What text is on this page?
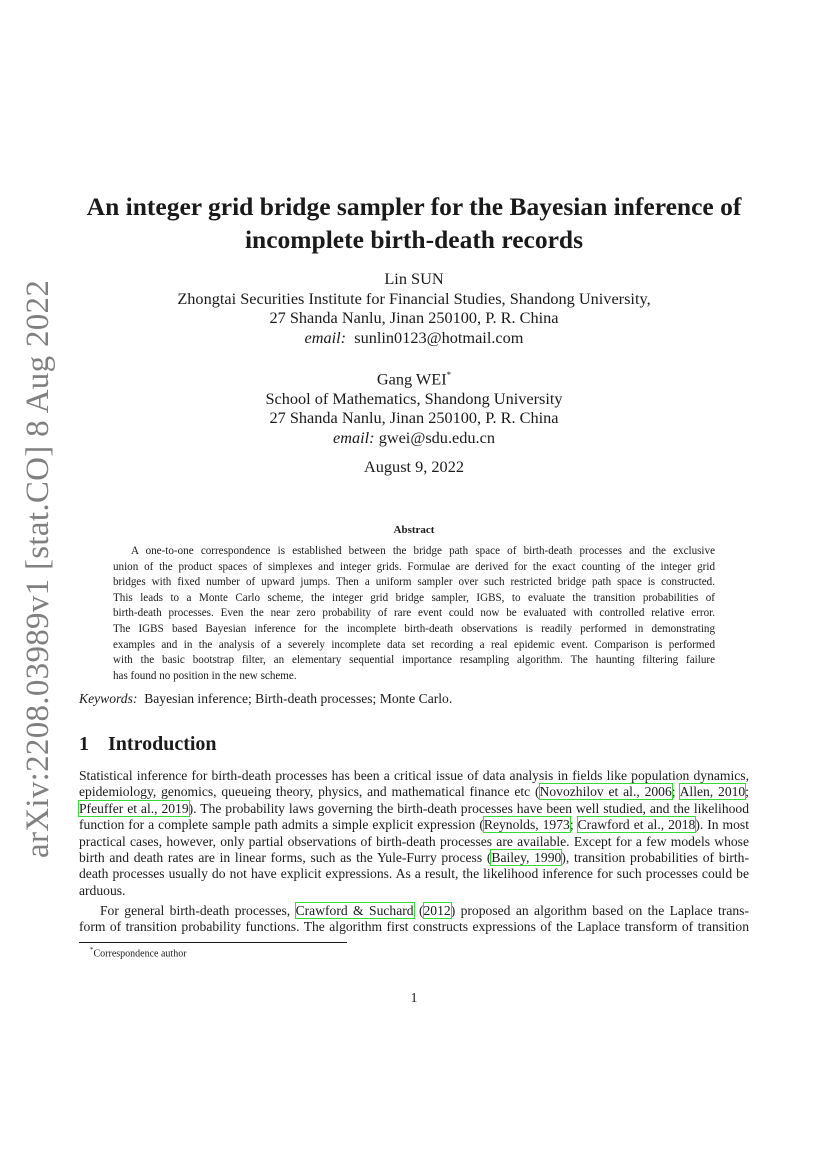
arXiv:2208.03989v1 [stat.CO] 8 Aug 2022
An integer grid bridge sampler for the Bayesian inference of
incomplete birth-death records
Lin SUN
Zhongtai Securities Institute for Financial Studies, Shandong University,
27 Shanda Nanlu, Jinan 250100, P. R. China
email: sunlin0123@hotmail.com
Gang WEI*
School of Mathematics, Shandong University
27 Shanda Nanlu, Jinan 250100, P. R. China
email: gwei@sdu.edu.cn
August 9, 2022
Abstract
A one-to-one correspondence is established between the bridge path space of birth-death processes and the exclusive
union of the product spaces of simplexes and integer grids. Formulae are derived for the exact counting of the integer grid
bridges with fixed number of upward jumps. Then a uniform sampler over such restricted bridge path space is constructed.
This leads to a Monte Carlo scheme, the integer grid bridge sampler, IGBS, to evaluate the transition probabilities of
birth-death processes. Even the near zero probability of rare event could now be evaluated with controlled relative error.
The IGBS based Bayesian inference for the incomplete birth-death observations is readily performed in demonstrating
examples and in the analysis of a severely incomplete data set recording a real epidemic event. Comparison is performed
with the basic bootstrap filter, an elementary sequential importance resampling algorithm. The haunting filtering failure
has found no position in the new scheme.
Keywords: Bayesian inference; Birth-death processes; Monte Carlo.
1 Introduction
Statistical inference for birth-death processes has been a critical issue of data analysis in fields like population dynamics,
epidemiology, genomics, queueing theory, physics, and mathematical finance etc (Novozhilov et al., 2006; Allen, 2010;
Pfeuffer et al., 2019). The probability laws governing the birth-death processes have been well studied, and the likelihood
function for a complete sample path admits a simple explicit expression (Reynolds, 1973; Crawford et al., 2018). In most
practical cases, however, only partial observations of birth-death processes are available. Except for a few models whose
birth and death rates are in linear forms, such as the Yule-Furry process (Bailey, 1990), transition probabilities of birth-
death processes usually do not have explicit expressions. As a result, the likelihood inference for such processes could be
arduous.
For general birth-death processes, Crawford & Suchard (2012) proposed an algorithm based on the Laplace trans-
form of transition probability functions. The algorithm first constructs expressions of the Laplace transform of transition
*Correspondence author
1
